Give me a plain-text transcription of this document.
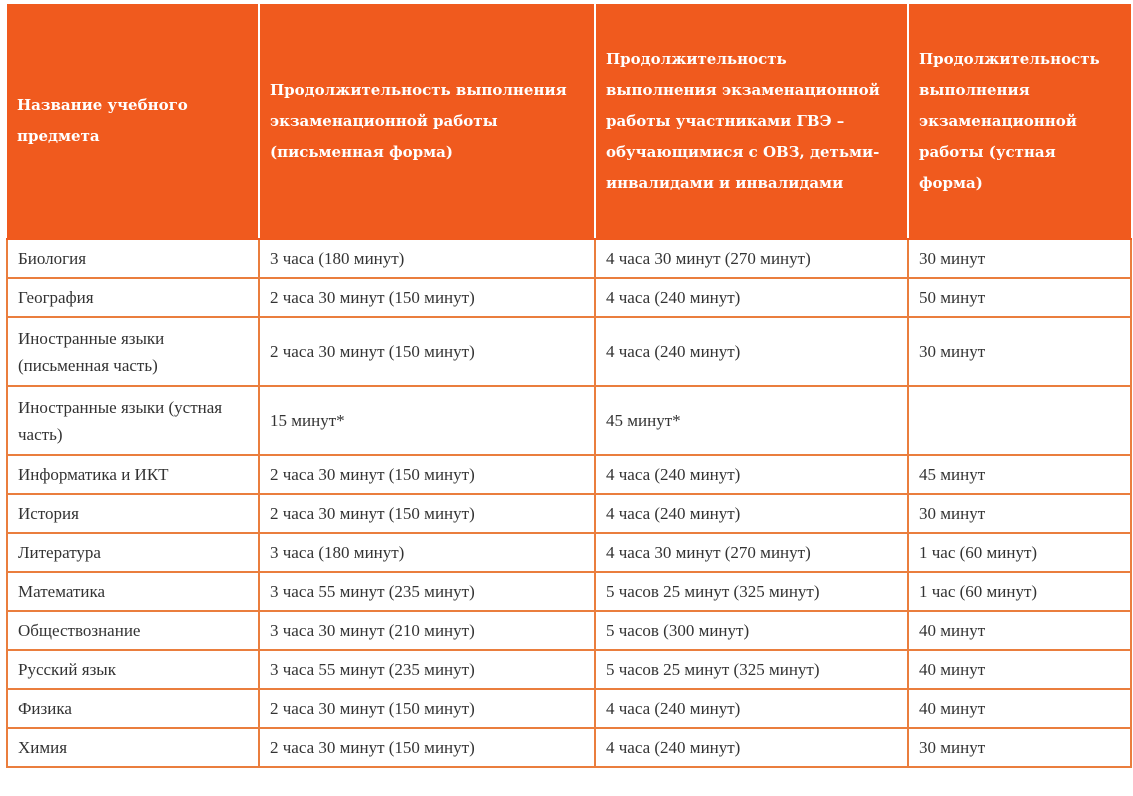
Название учебного предмета	Продолжительность выполнения экзаменационной работы (письменная форма)	Продолжительность выполнения экзаменационной работы участниками ГВЭ – обучающимися с ОВЗ, детьми-инвалидами и инвалидами	Продолжительность выполнения экзаменационной работы (устная форма)

Биология	3 часа (180 минут)	4 часа 30 минут (270 минут)	30 минут
География	2 часа 30 минут (150 минут)	4 часа (240 минут)	50 минут
Иностранные языки (письменная часть)	2 часа 30 минут (150 минут)	4 часа (240 минут)	30 минут
Иностранные языки (устная часть)	15 минут*	45 минут*	
Информатика и ИКТ	2 часа 30 минут (150 минут)	4 часа (240 минут)	45 минут
История	2 часа 30 минут (150 минут)	4 часа (240 минут)	30 минут
Литература	3 часа (180 минут)	4 часа 30 минут (270 минут)	1 час (60 минут)
Математика	3 часа 55 минут (235 минут)	5 часов 25 минут (325 минут)	1 час (60 минут)
Обществознание	3 часа 30 минут (210 минут)	5 часов (300 минут)	40 минут
Русский язык	3 часа 55 минут (235 минут)	5 часов 25 минут (325 минут)	40 минут
Физика	2 часа 30 минут (150 минут)	4 часа (240 минут)	40 минут
Химия	2 часа 30 минут (150 минут)	4 часа (240 минут)	30 минут
